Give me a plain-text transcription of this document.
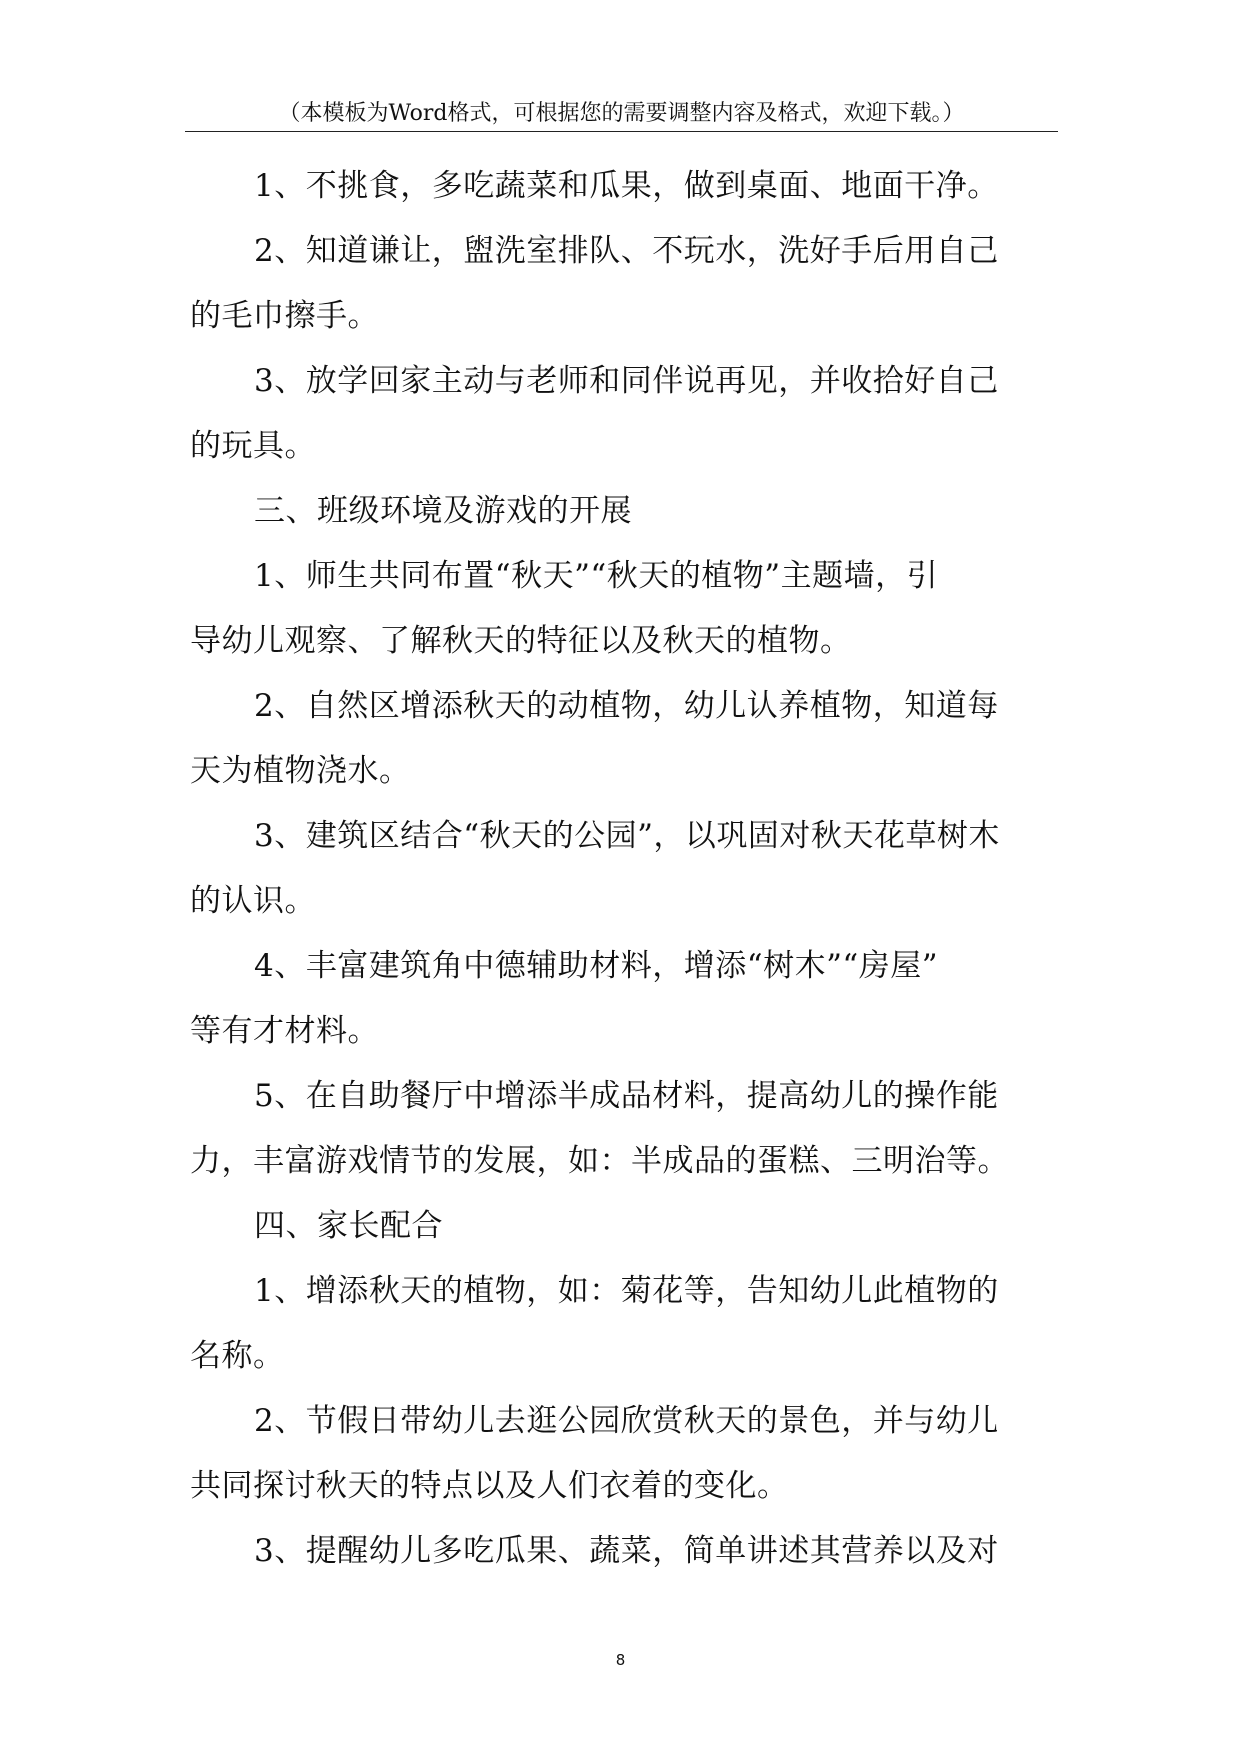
（本模板为Word格式，可根据您的需要调整内容及格式，欢迎下载。）

1、不挑食，多吃蔬菜和瓜果，做到桌面、地面干净。

2、知道谦让，盥洗室排队、不玩水，洗好手后用自己

的毛巾擦手。

3、放学回家主动与老师和同伴说再见，并收拾好自己

的玩具。

三、班级环境及游戏的开展

1、师生共同布置“秋天”“秋天的植物”主题墙，引

导幼儿观察、了解秋天的特征以及秋天的植物。

2、自然区增添秋天的动植物，幼儿认养植物，知道每

天为植物浇水。

3、建筑区结合“秋天的公园”，以巩固对秋天花草树木

的认识。

4、丰富建筑角中德辅助材料，增添“树木”“房屋”

等有才材料。

5、在自助餐厅中增添半成品材料，提高幼儿的操作能

力，丰富游戏情节的发展，如：半成品的蛋糕、三明治等。

四、家长配合

1、增添秋天的植物，如：菊花等，告知幼儿此植物的

名称。

2、节假日带幼儿去逛公园欣赏秋天的景色，并与幼儿

共同探讨秋天的特点以及人们衣着的变化。

3、提醒幼儿多吃瓜果、蔬菜，简单讲述其营养以及对

8
